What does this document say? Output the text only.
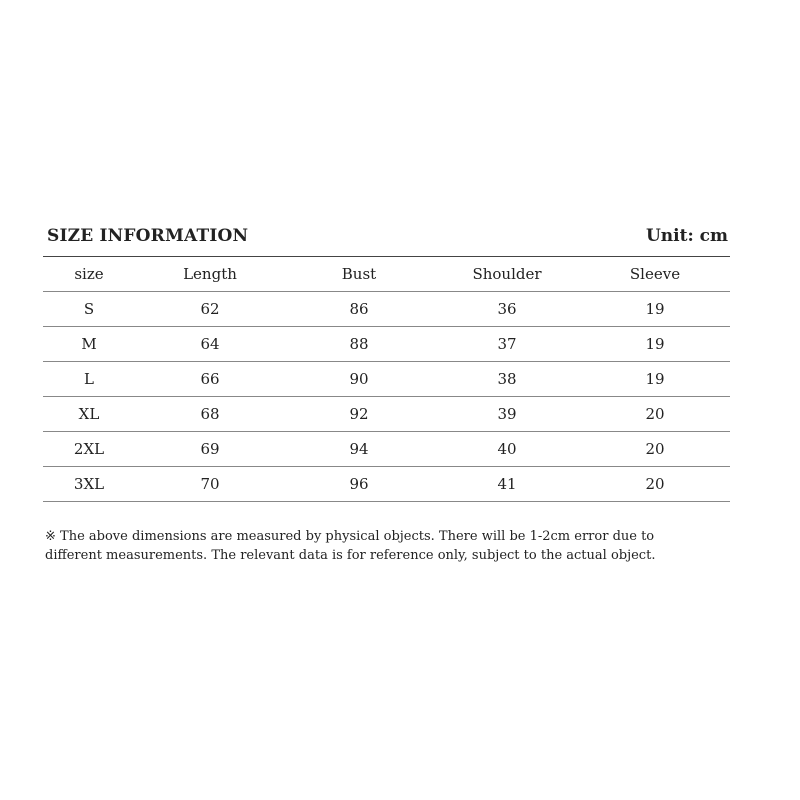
SIZE INFORMATION	Unit: cm
size	Length	Bust	Shoulder	Sleeve
S	62	86	36	19
M	64	88	37	19
L	66	90	38	19
XL	68	92	39	20
2XL	69	94	40	20
3XL	70	96	41	20
※ The above dimensions are measured by physical objects. There will be 1-2cm error due to
different measurements. The relevant data is for reference only, subject to the actual object.
